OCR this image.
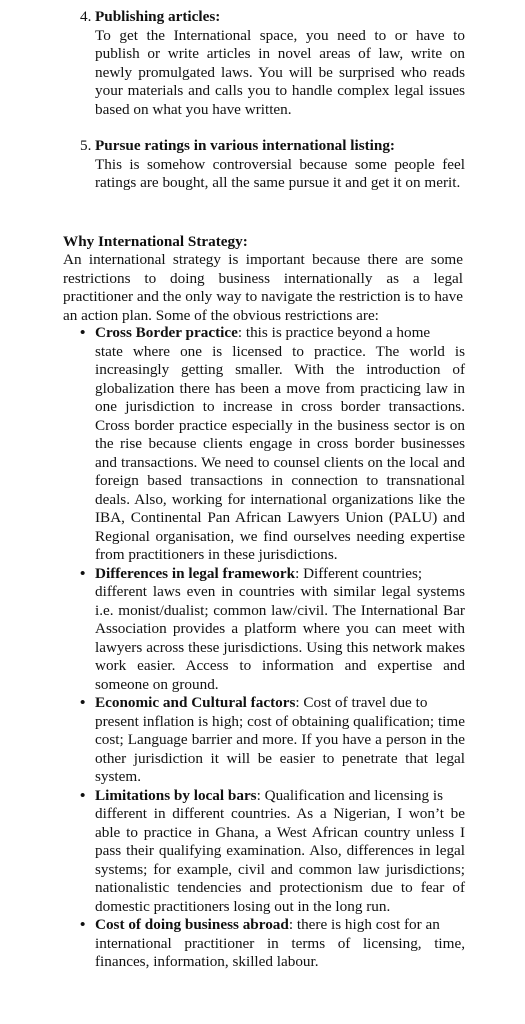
4. Publishing articles:
To get the International space, you need to or have to publish or write articles in novel areas of law, write on newly promulgated laws. You will be surprised who reads your materials and calls you to handle complex legal issues based on what you have written.
5. Pursue ratings in various international listing:
This is somehow controversial because some people feel ratings are bought, all the same pursue it and get it on merit.
Why International Strategy:
An international strategy is important because there are some restrictions to doing business internationally as a legal practitioner and the only way to navigate the restriction is to have an action plan. Some of the obvious restrictions are:
• Cross Border practice: this is practice beyond a home
state where one is licensed to practice. The world is increasingly getting smaller. With the introduction of globalization there has been a move from practicing law in one jurisdiction to increase in cross border transactions. Cross border practice especially in the business sector is on the rise because clients engage in cross border businesses and transactions. We need to counsel clients on the local and foreign based transactions in connection to transnational deals. Also, working for international organizations like the IBA, Continental Pan African Lawyers Union (PALU) and Regional organisation, we find ourselves needing expertise from practitioners in these jurisdictions.
• Differences in legal framework: Different countries;
different laws even in countries with similar legal systems i.e. monist/dualist; common law/civil. The International Bar Association provides a platform where you can meet with lawyers across these jurisdictions. Using this network makes work easier. Access to information and expertise and someone on ground.
• Economic and Cultural factors: Cost of travel due to
present inflation is high; cost of obtaining qualification; time cost; Language barrier and more. If you have a person in the other jurisdiction it will be easier to penetrate that legal system.
• Limitations by local bars: Qualification and licensing is
different in different countries. As a Nigerian, I won’t be able to practice in Ghana, a West African country unless I pass their qualifying examination. Also, differences in legal systems; for example, civil and common law jurisdictions; nationalistic tendencies and protectionism due to fear of domestic practitioners losing out in the long run.
• Cost of doing business abroad: there is high cost for an
international practitioner in terms of licensing, time, finances, information, skilled labour.
